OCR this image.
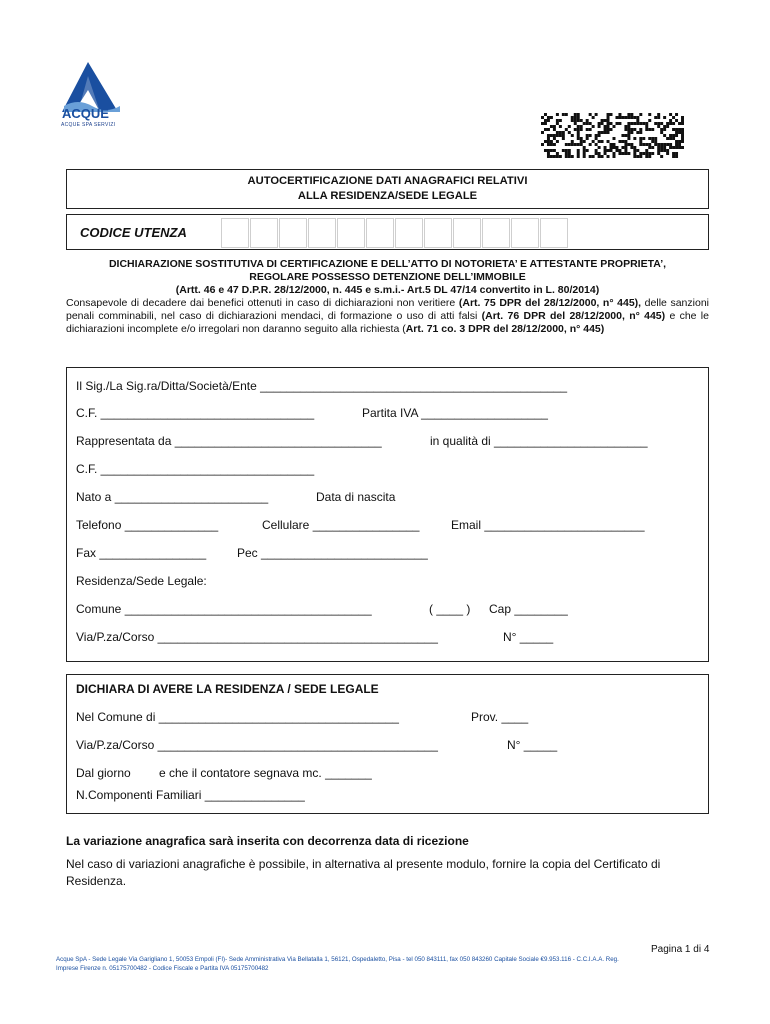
ACQUE
ACQUE SPA SERVIZI
AUTOCERTIFICAZIONE DATI ANAGRAFICI RELATIVI
ALLA RESIDENZA/SEDE LEGALE
CODICE UTENZA
DICHIARAZIONE SOSTITUTIVA DI CERTIFICAZIONE E DELL’ATTO DI NOTORIETA’ E ATTESTANTE PROPRIETA’,
REGOLARE POSSESSO DETENZIONE DELL’IMMOBILE
(Artt. 46 e 47 D.P.R. 28/12/2000, n. 445 e s.m.i.- Art.5 DL 47/14 convertito in L. 80/2014)
Consapevole di decadere dai benefici ottenuti in caso di dichiarazioni non veritiere (Art. 75 DPR del 28/12/2000, n° 445), delle sanzioni penali comminabili, nel caso di dichiarazioni mendaci, di formazione o uso di atti falsi (Art. 76 DPR del 28/12/2000, n° 445) e che le dichiarazioni incomplete e/o irregolari non daranno seguito alla richiesta (Art. 71 co. 3 DPR del 28/12/2000, n° 445)
Il Sig./La Sig.ra/Ditta/Società/Ente ______________________________________________
C.F. ________________________________	Partita IVA ___________________
Rappresentata da _______________________________	in qualità di _______________________
C.F. ________________________________
Nato a _______________________	Data di nascita
Telefono ______________	Cellulare ________________	Email ________________________
Fax ________________	Pec _________________________
Residenza/Sede Legale:
Comune _____________________________________	( ____ ) Cap ________
Via/P.za/Corso __________________________________________	N° _____
DICHIARA DI AVERE LA RESIDENZA / SEDE LEGALE
Nel Comune di ____________________________________	Prov. ____
Via/P.za/Corso __________________________________________	N° _____
Dal giorno e che il contatore segnava mc. _______
N.Componenti Familiari _______________
La variazione anagrafica sarà inserita con decorrenza data di ricezione
Nel caso di variazioni anagrafiche è possibile, in alternativa al presente modulo, fornire la copia del Certificato di Residenza.
Pagina 1 di 4
Acque SpA - Sede Legale Via Garigliano 1, 50053 Empoli (FI)- Sede Amministrativa Via Bellatalla 1, 56121, Ospedaletto, Pisa - tel 050 843111, fax 050 843260 Capitale Sociale €9.953.116 - C.C.I.A.A. Reg.
Imprese Firenze n. 05175700482 - Codice Fiscale e Partita IVA 05175700482
